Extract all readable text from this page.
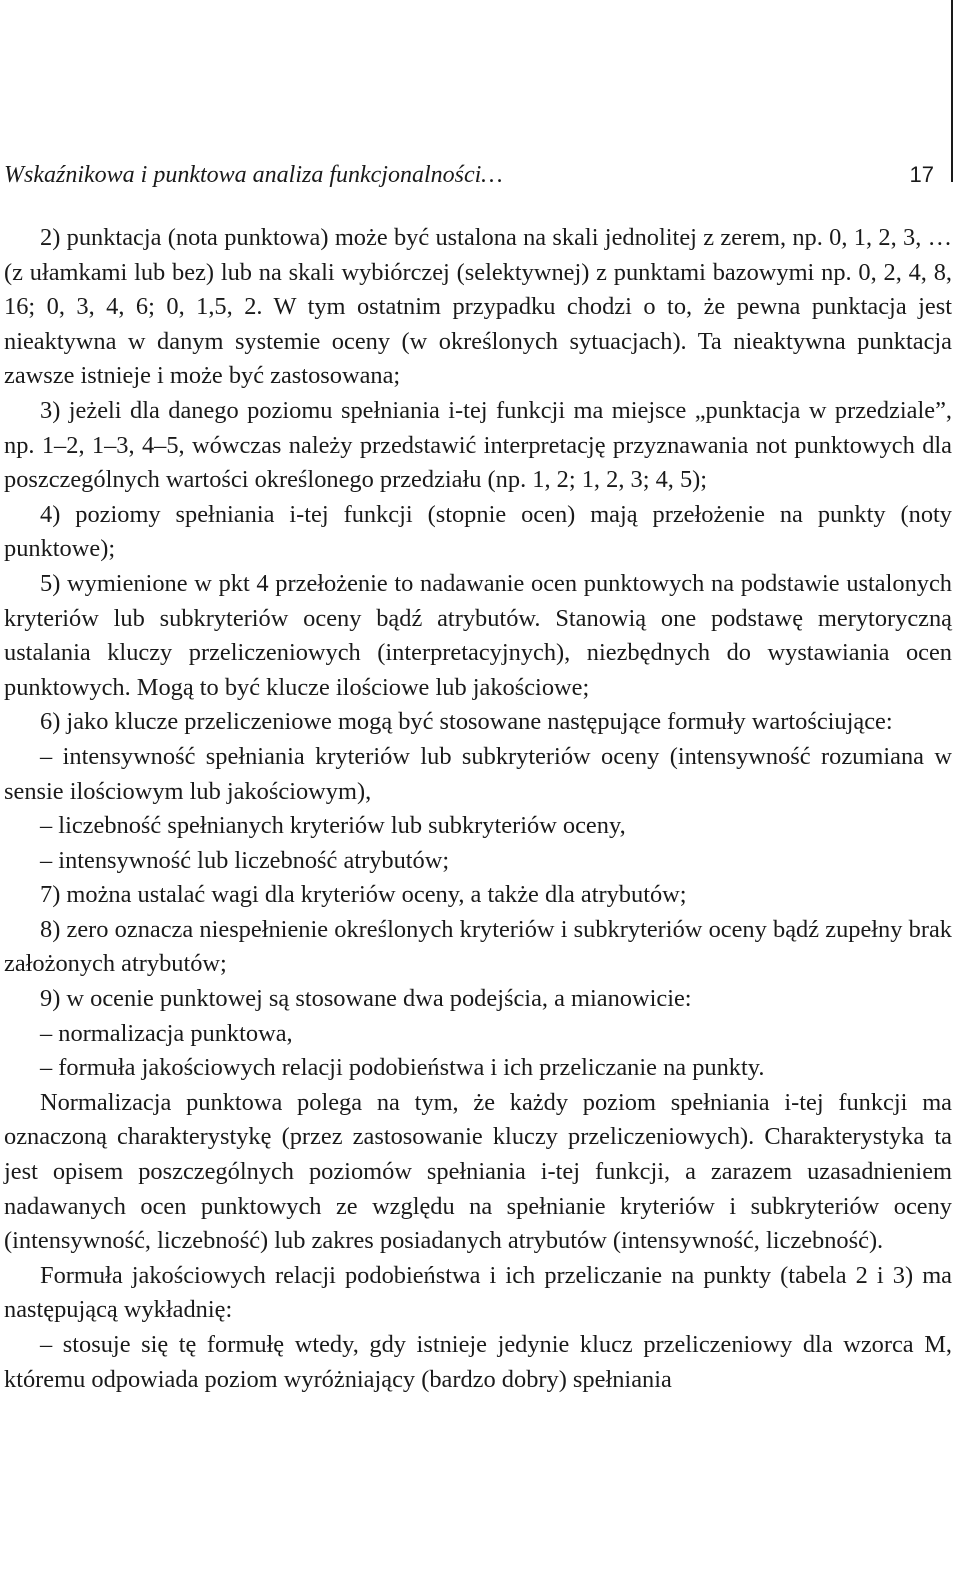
Wskaźnikowa i punktowa analiza funkcjonalności…	17

2) punktacja (nota punktowa) może być ustalona na skali jednolitej z zerem, np. 0, 1, 2, 3, … (z ułamkami lub bez) lub na skali wybiórczej (selektywnej) z punktami bazowymi np. 0, 2, 4, 8, 16; 0, 3, 4, 6; 0, 1,5, 2. W tym ostatnim przypadku chodzi o to, że pewna punktacja jest nieaktywna w danym systemie oceny (w określonych sytuacjach). Ta nieaktywna punktacja zawsze istnieje i może być zastosowana;

3) jeżeli dla danego poziomu spełniania i-tej funkcji ma miejsce „punktacja w przedziale”, np. 1–2, 1–3, 4–5, wówczas należy przedstawić interpretację przyznawania not punktowych dla poszczególnych wartości określonego przedziału (np. 1, 2; 1, 2, 3; 4, 5);

4) poziomy spełniania i-tej funkcji (stopnie ocen) mają przełożenie na punkty (noty punktowe);

5) wymienione w pkt 4 przełożenie to nadawanie ocen punktowych na podstawie ustalonych kryteriów lub subkryteriów oceny bądź atrybutów. Stanowią one podstawę merytoryczną ustalania kluczy przeliczeniowych (interpretacyjnych), niezbędnych do wystawiania ocen punktowych. Mogą to być klucze ilościowe lub jakościowe;

6) jako klucze przeliczeniowe mogą być stosowane następujące formuły wartościujące:

– intensywność spełniania kryteriów lub subkryteriów oceny (intensywność rozumiana w sensie ilościowym lub jakościowym),

– liczebność spełnianych kryteriów lub subkryteriów oceny,

– intensywność lub liczebność atrybutów;

7) można ustalać wagi dla kryteriów oceny, a także dla atrybutów;

8) zero oznacza niespełnienie określonych kryteriów i subkryteriów oceny bądź zupełny brak założonych atrybutów;

9) w ocenie punktowej są stosowane dwa podejścia, a mianowicie:

– normalizacja punktowa,

– formuła jakościowych relacji podobieństwa i ich przeliczanie na punkty.

Normalizacja punktowa polega na tym, że każdy poziom spełniania i-tej funkcji ma oznaczoną charakterystykę (przez zastosowanie kluczy przeliczeniowych). Charakterystyka ta jest opisem poszczególnych poziomów spełniania i-tej funkcji, a zarazem uzasadnieniem nadawanych ocen punktowych ze względu na spełnianie kryteriów i subkryteriów oceny (intensywność, liczebność) lub zakres posiadanych atrybutów (intensywność, liczebność).

Formuła jakościowych relacji podobieństwa i ich przeliczanie na punkty (tabela 2 i 3) ma następującą wykładnię:

– stosuje się tę formułę wtedy, gdy istnieje jedynie klucz przeliczeniowy dla wzorca M, któremu odpowiada poziom wyróżniający (bardzo dobry) spełniania
